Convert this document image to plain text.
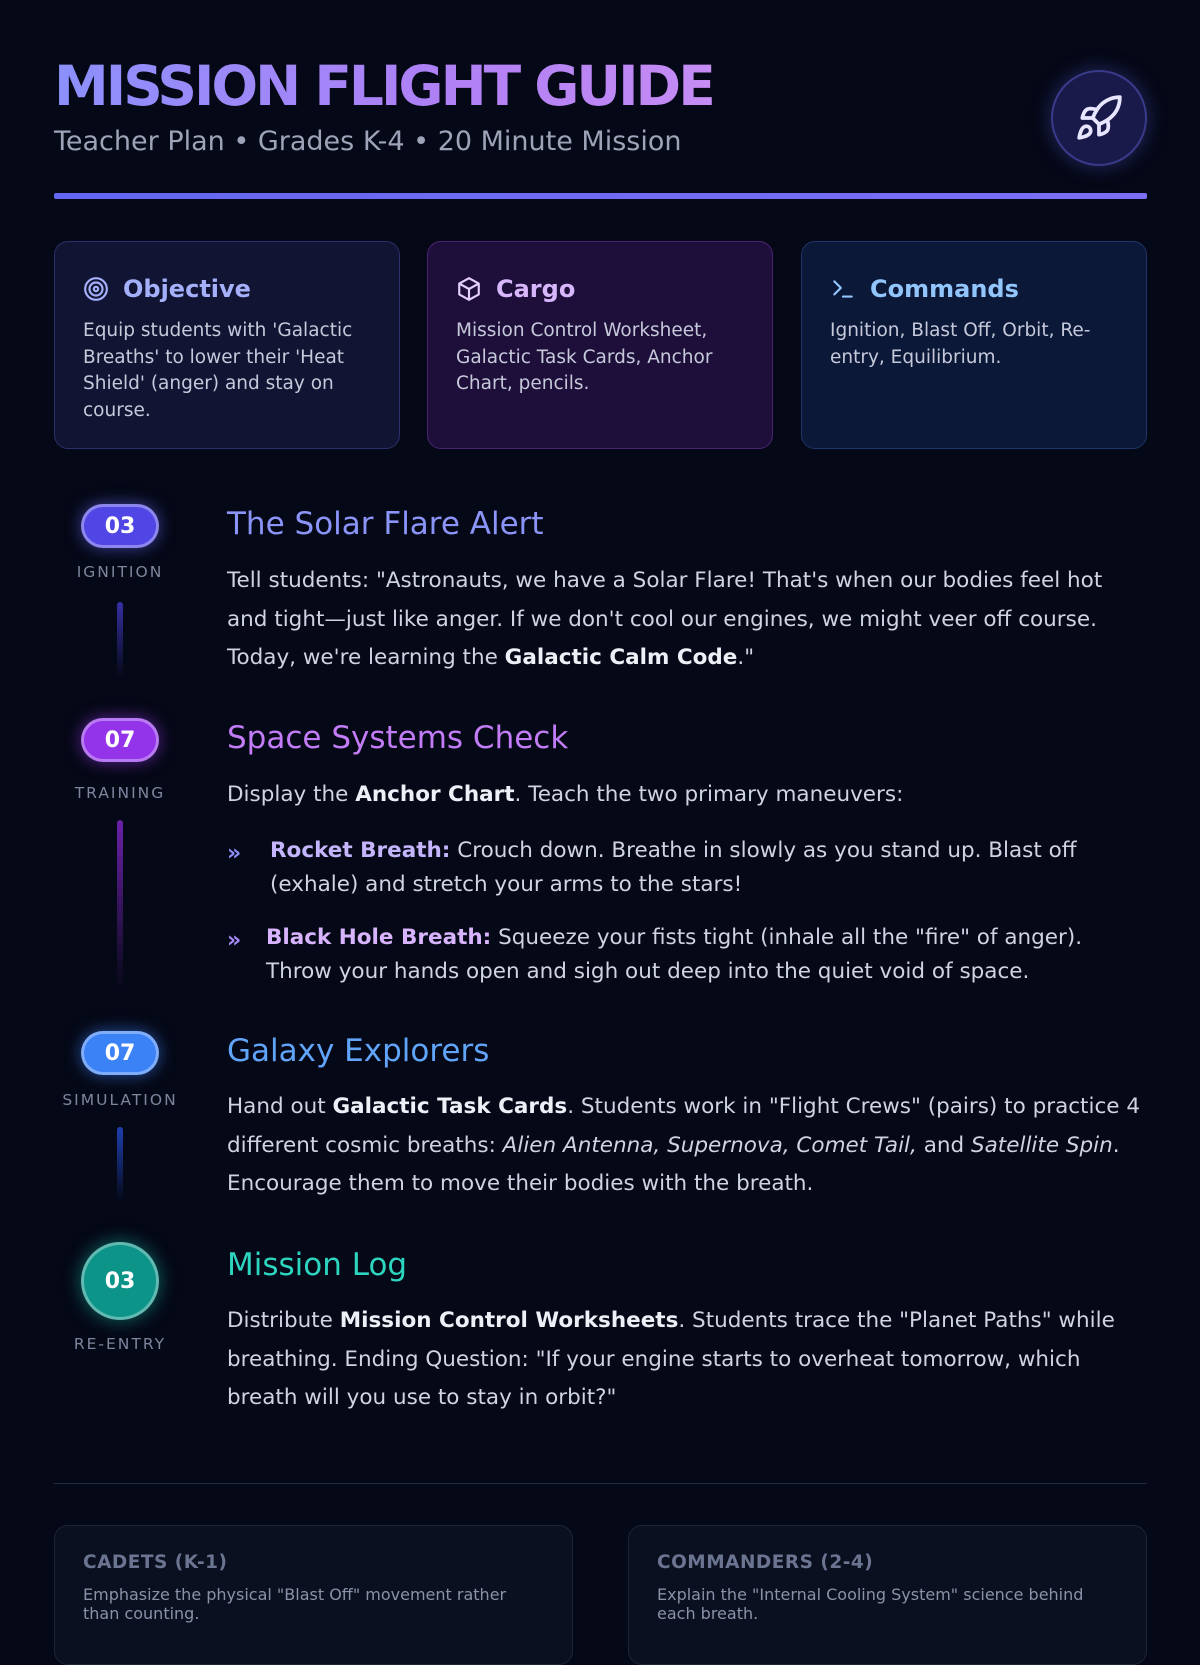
MISSION FLIGHT GUIDE
Teacher Plan • Grades K-4 • 20 Minute Mission
Objective
Equip students with 'Galactic Breaths' to lower their 'Heat Shield' (anger) and stay on course.
Cargo
Mission Control Worksheet, Galactic Task Cards, Anchor Chart, pencils.
Commands
Ignition, Blast Off, Orbit, Re-entry, Equilibrium.
03
IGNITION
The Solar Flare Alert
Tell students: "Astronauts, we have a Solar Flare! That's when our bodies feel hot and tight—just like anger. If we don't cool our engines, we might veer off course. Today, we're learning the Galactic Calm Code."
07
TRAINING
Space Systems Check
Display the Anchor Chart. Teach the two primary maneuvers:
» Rocket Breath: Crouch down. Breathe in slowly as you stand up. Blast off (exhale) and stretch your arms to the stars!
» Black Hole Breath: Squeeze your fists tight (inhale all the "fire" of anger). Throw your hands open and sigh out deep into the quiet void of space.
07
SIMULATION
Galaxy Explorers
Hand out Galactic Task Cards. Students work in "Flight Crews" (pairs) to practice 4 different cosmic breaths: Alien Antenna, Supernova, Comet Tail, and Satellite Spin. Encourage them to move their bodies with the breath.
03
RE-ENTRY
Mission Log
Distribute Mission Control Worksheets. Students trace the "Planet Paths" while breathing. Ending Question: "If your engine starts to overheat tomorrow, which breath will you use to stay in orbit?"
CADETS (K-1)
Emphasize the physical "Blast Off" movement rather than counting.
COMMANDERS (2-4)
Explain the "Internal Cooling System" science behind each breath.
